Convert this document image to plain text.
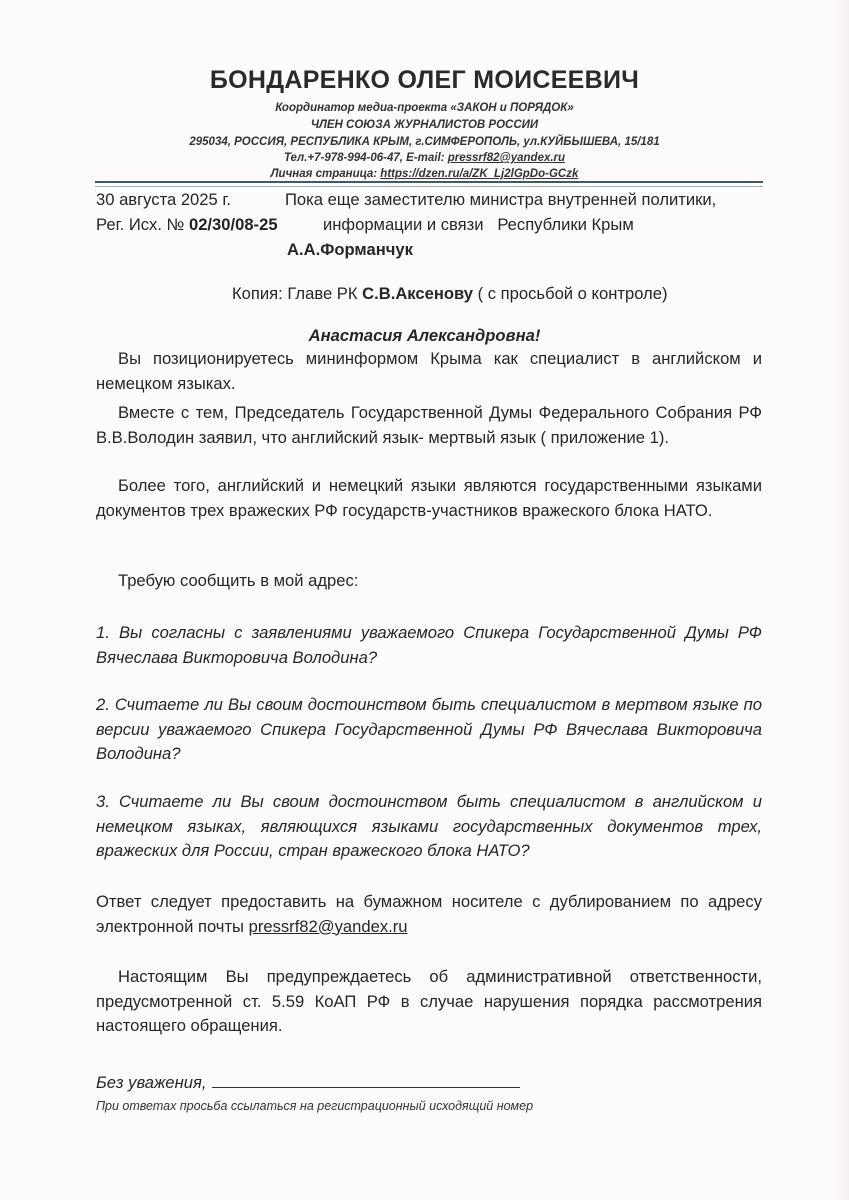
БОНДАРЕНКО ОЛЕГ МОИСЕЕВИЧ
Координатор медиа-проекта «ЗАКОН и ПОРЯДОК»
ЧЛЕН СОЮЗА ЖУРНАЛИСТОВ РОССИИ
295034, РОССИЯ, РЕСПУБЛИКА КРЫМ, г.СИМФЕРОПОЛЬ, ул.КУЙБЫШЕВА, 15/181
Тел.+7-978-994-06-47, E-mail: pressrf82@yandex.ru
Личная страница: https://dzen.ru/a/ZK_Lj2lGpDo-GCzk
30 августа 2025 г.
Рег. Исх. № 02/30/08-25
Пока еще заместителю министра внутренней политики,
информации и связи   Республики Крым
А.А.Форманчук
Копия: Главе РК С.В.Аксенову ( с просьбой о контроле)
Анастасия Александровна!
Вы позиционируетесь мининформом Крыма как специалист в английском и немецком языках.
Вместе с тем, Председатель Государственной Думы Федерального Собрания РФ В.В.Володин заявил, что английский язык- мертвый язык ( приложение 1).
Более того, английский и немецкий языки являются государственными языками документов трех вражеских РФ государств-участников вражеского блока НАТО.
Требую сообщить в мой адрес:
1. Вы согласны с заявлениями уважаемого Спикера Государственной Думы РФ Вячеслава Викторовича Володина?
2. Считаете ли Вы своим достоинством быть специалистом в мертвом языке по версии уважаемого Спикера Государственной Думы РФ Вячеслава Викторовича Володина?
3. Считаете ли Вы своим достоинством быть специалистом в английском и немецком языках, являющихся языками государственных документов трех, вражеских для России, стран вражеского блока НАТО?
Ответ следует предоставить на бумажном носителе с дублированием по адресу электронной почты pressrf82@yandex.ru
Настоящим Вы предупреждаетесь об административной ответственности, предусмотренной ст. 5.59 КоАП РФ в случае нарушения порядка рассмотрения настоящего обращения.
Без уважения,
При ответах просьба ссылаться на регистрационный исходящий номер
